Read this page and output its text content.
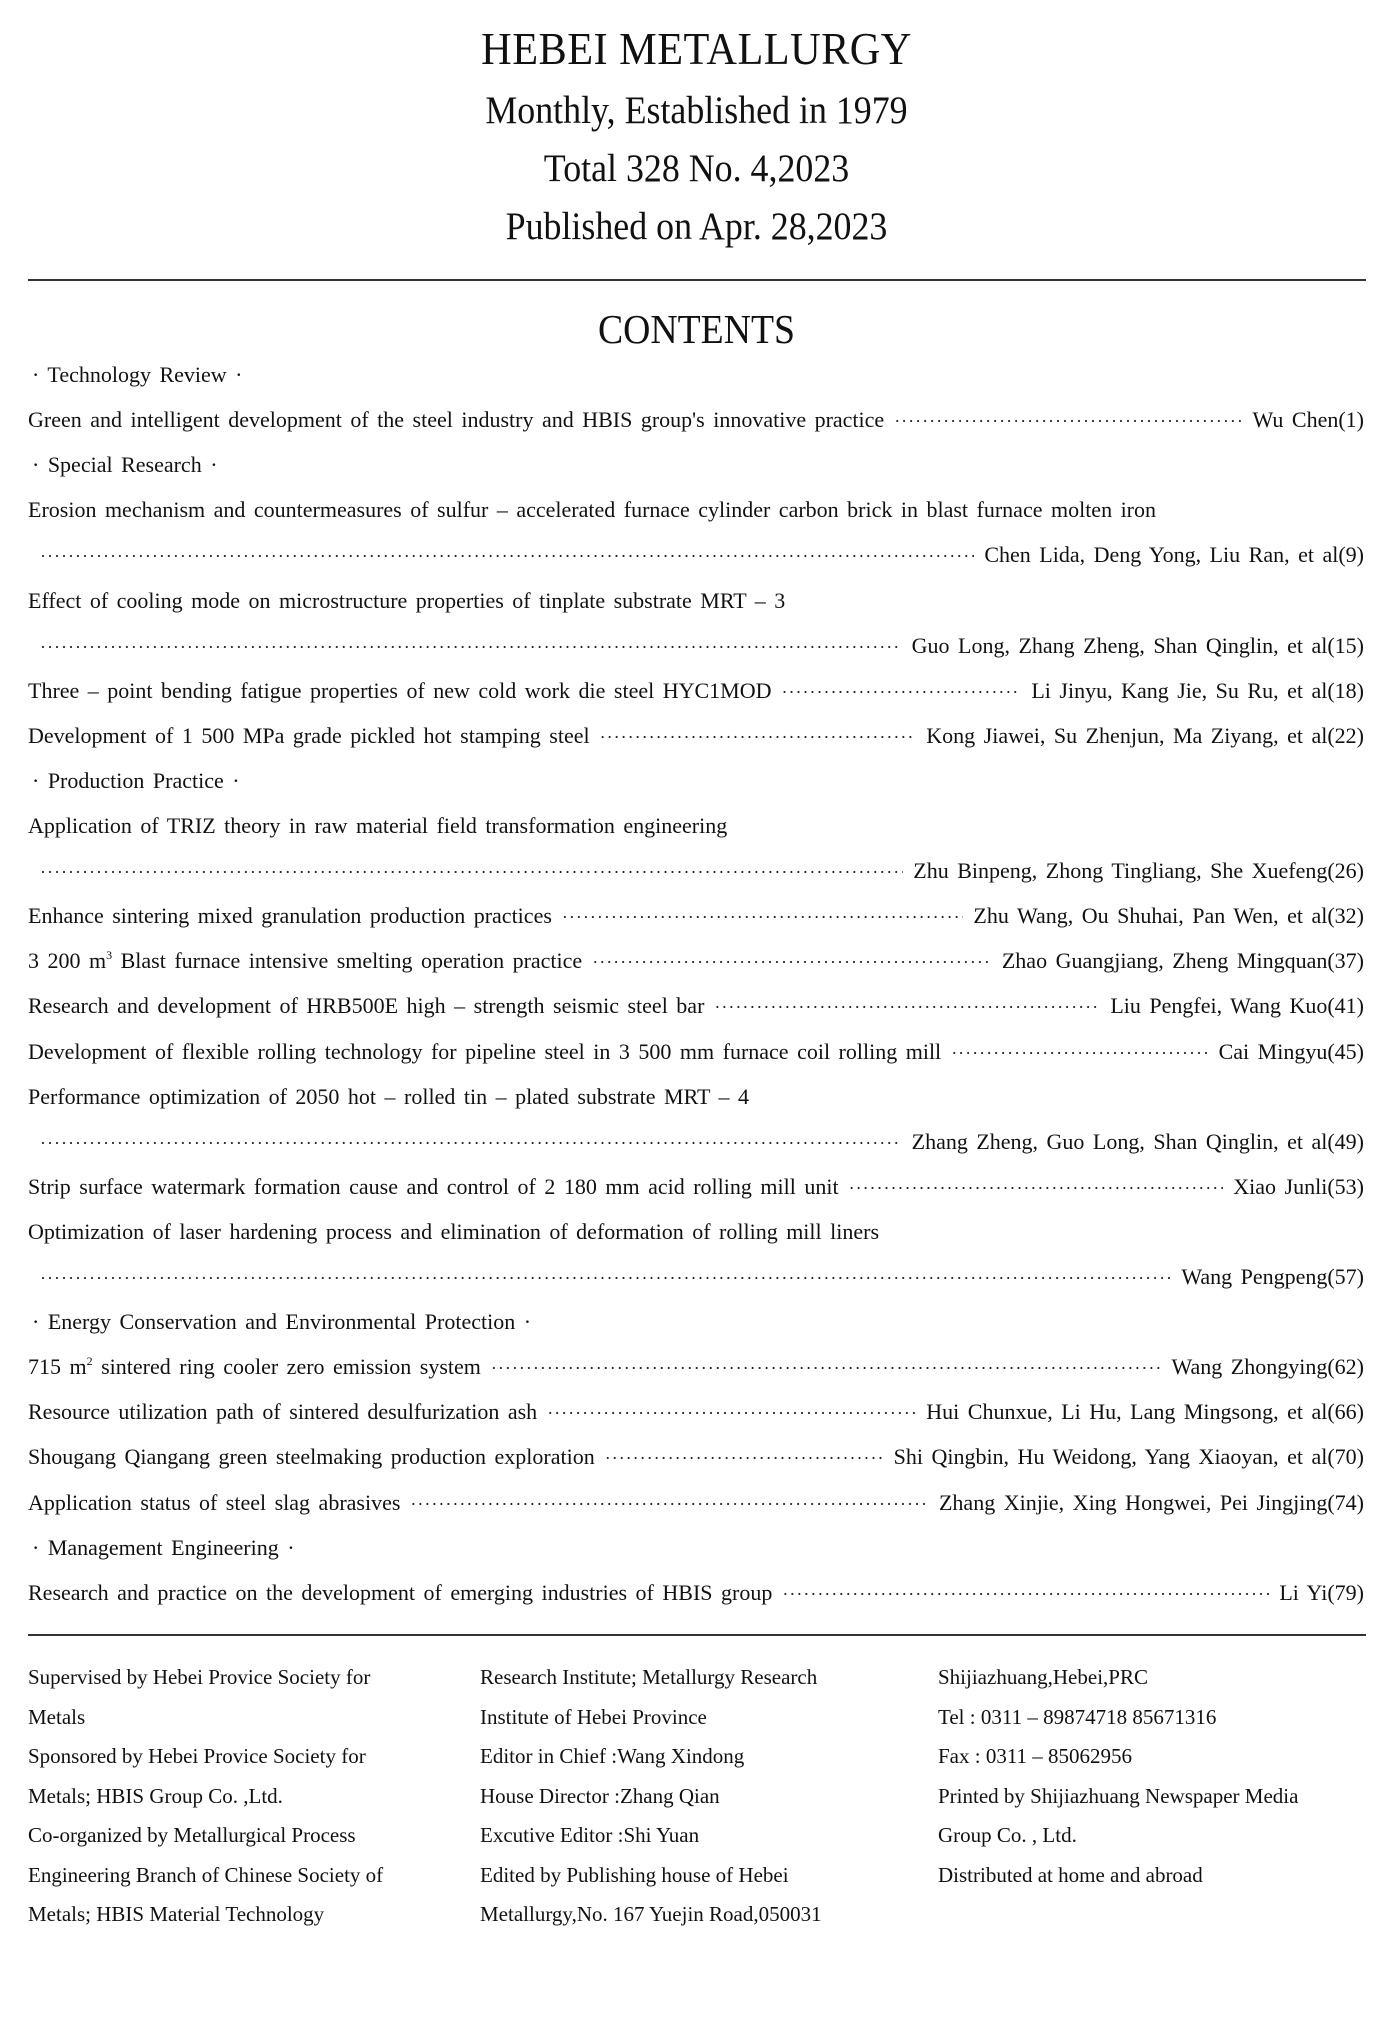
HEBEI METALLURGY
Monthly, Established in 1979
Total 328 No. 4,2023
Published on Apr. 28,2023
CONTENTS
· Technology Review ·
Green and intelligent development of the steel industry and HBIS group's innovative practice ·····	Wu Chen(1)
· Special Research ·
Erosion mechanism and countermeasures of sulfur – accelerated furnace cylinder carbon brick in blast furnace molten iron
·····
Chen Lida, Deng Yong, Liu Ran, et al(9)
Effect of cooling mode on microstructure properties of tinplate substrate MRT – 3
·····
Guo Long, Zhang Zheng, Shan Qinglin, et al(15)
Three – point bending fatigue properties of new cold work die steel HYC1MOD ·····	Li Jinyu, Kang Jie, Su Ru, et al(18)
Development of 1 500 MPa grade pickled hot stamping steel ·····	Kong Jiawei, Su Zhenjun, Ma Ziyang, et al(22)
· Production Practice ·
Application of TRIZ theory in raw material field transformation engineering
·····
Zhu Binpeng, Zhong Tingliang, She Xuefeng(26)
Enhance sintering mixed granulation production practices ·····	Zhu Wang, Ou Shuhai, Pan Wen, et al(32)
3 200 $m^3$ Blast furnace intensive smelting operation practice ·····	Zhao Guangjiang, Zheng Mingquan(37)
Research and development of HRB500E high – strength seismic steel bar ·····	Liu Pengfei, Wang Kuo(41)
Development of flexible rolling technology for pipeline steel in 3 500 mm furnace coil rolling mill ·····	Cai Mingyu(45)
Performance optimization of 2050 hot – rolled tin – plated substrate MRT – 4
·····
Zhang Zheng, Guo Long, Shan Qinglin, et al(49)
Strip surface watermark formation cause and control of 2 180 mm acid rolling mill unit ·····	Xiao Junli(53)
Optimization of laser hardening process and elimination of deformation of rolling mill liners
·····
Wang Pengpeng(57)
· Energy Conservation and Environmental Protection ·
715 $m^2$ sintered ring cooler zero emission system ·····	Wang Zhongying(62)
Resource utilization path of sintered desulfurization ash ·····	Hui Chunxue, Li Hu, Lang Mingsong, et al(66)
Shougang Qiangang green steelmaking production exploration ·····	Shi Qingbin, Hu Weidong, Yang Xiaoyan, et al(70)
Application status of steel slag abrasives ·····	Zhang Xinjie, Xing Hongwei, Pei Jingjing(74)
· Management Engineering ·
Research and practice on the development of emerging industries of HBIS group ·····	Li Yi(79)
Supervised by Hebei Provice Society for
Metals
Sponsored by Hebei Provice Society for
Metals; HBIS Group Co. ,Ltd.
Co-organized by Metallurgical Process
Engineering Branch of Chinese Society of
Metals; HBIS Material Technology
Research Institute; Metallurgy Research
Institute of Hebei Province
Editor in Chief :Wang Xindong
House Director :Zhang Qian
Excutive Editor :Shi Yuan
Edited by Publishing house of Hebei
Metallurgy,No. 167 Yuejin Road,050031
Shijiazhuang,Hebei,PRC
Tel : 0311 – 89874718 85671316
Fax : 0311 – 85062956
Printed by Shijiazhuang Newspaper Media
Group Co. , Ltd.
Distributed at home and abroad
